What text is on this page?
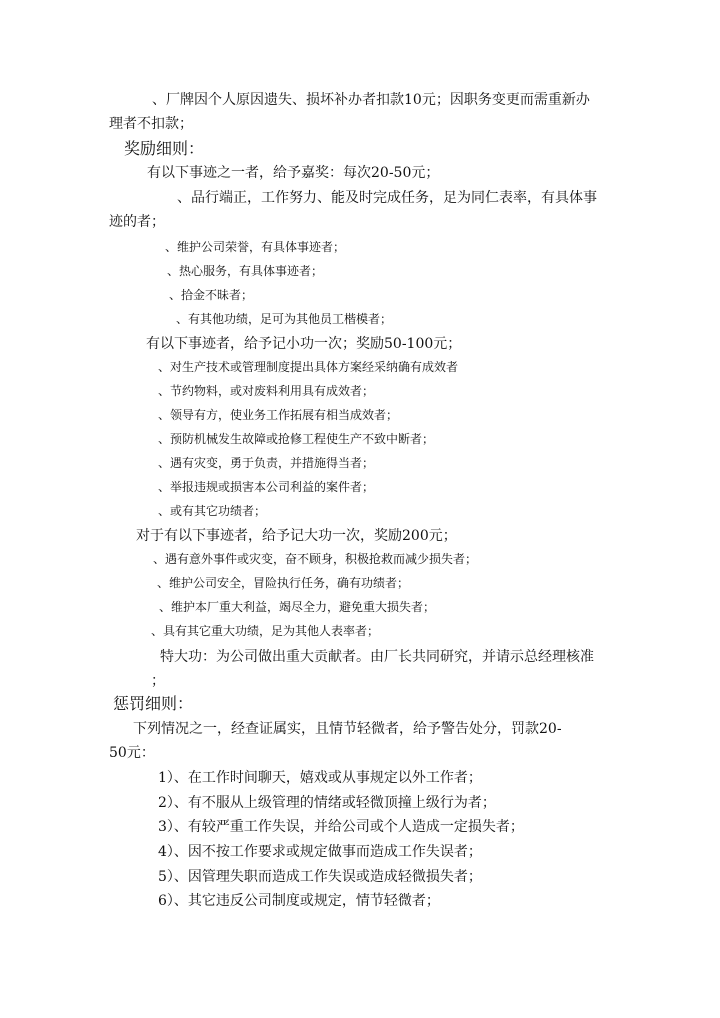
、厂牌因个人原因遗失、损坏补办者扣款10元；因职务变更而需重新办
理者不扣款；
奖励细则：
有以下事迹之一者，给予嘉奖：每次20-50元；
、品行端正，工作努力、能及时完成任务，足为同仁表率，有具体事
迹的者；
、维护公司荣誉，有具体事迹者；
、热心服务，有具体事迹者；
、拾金不昧者；
、有其他功绩，足可为其他员工楷模者；
有以下事迹者，给予记小功一次；奖励50-100元；
、对生产技术或管理制度提出具体方案经采纳确有成效者
、节约物料，或对废料利用具有成效者；
、领导有方，使业务工作拓展有相当成效者；
、预防机械发生故障或抢修工程使生产不致中断者；
、遇有灾变，勇于负责，并措施得当者；
、举报违规或损害本公司利益的案件者；
、或有其它功绩者；
对于有以下事迹者，给予记大功一次，奖励200元；
、遇有意外事件或灾变，奋不顾身，积极抢救而减少损失者；
、维护公司安全，冒险执行任务，确有功绩者；
、维护本厂重大利益，竭尽全力，避免重大损失者；
、具有其它重大功绩，足为其他人表率者；
特大功：为公司做出重大贡献者。由厂长共同研究，并请示总经理核准
；
惩罚细则：
下列情况之一，经查证属实，且情节轻微者，给予警告处分，罚款20-
50元：
1）、在工作时间聊天，嬉戏或从事规定以外工作者；
2）、有不服从上级管理的情绪或轻微顶撞上级行为者；
3）、有较严重工作失误，并给公司或个人造成一定损失者；
4）、因不按工作要求或规定做事而造成工作失误者；
5）、因管理失职而造成工作失误或造成轻微损失者；
6）、其它违反公司制度或规定，情节轻微者；
